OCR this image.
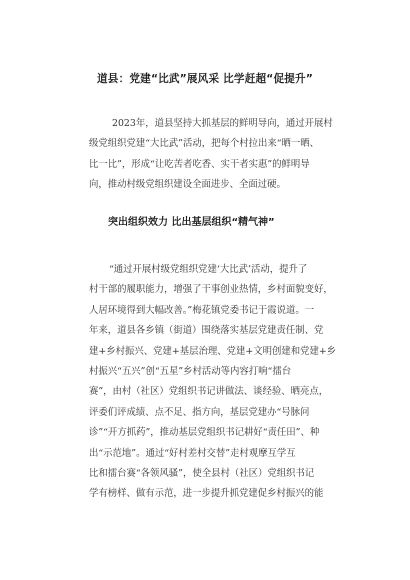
道县：党建“比武”展风采 比学赶超“促提升”
2023年，道县坚持大抓基层的鲜明导向，通过开展村
级党组织党建“大比武”活动，把每个村拉出来“晒一晒、
比一比”，形成“让吃苦者吃香、实干者实惠”的鲜明导
向，推动村级党组织建设全面进步、全面过硬。
突出组织效力 比出基层组织“精气神”
“通过开展村级党组织党建‘大比武’活动，提升了
村干部的履职能力，增强了干事创业热情，乡村面貌变好，
人居环境得到大幅改善。”梅花镇党委书记于霞说道。一
年来，道县各乡镇（街道）围绕落实基层党建责任制、党
建+乡村振兴、党建+基层治理、党建+文明创建和党建+乡
村振兴“五兴”创“五星”乡村活动等内容打响“擂台
赛”，由村（社区）党组织书记讲做法、谈经验、晒亮点，
评委们评成绩、点不足、指方向，基层党建办“号脉问
诊”“开方抓药”，推动基层党组织书记耕好“责任田”、种
出“示范地”。通过“好村差村交替”走村观摩互学互
比和擂台赛“各领风骚”，使全县村（社区）党组织书记
学有榜样、做有示范，进一步提升抓党建促乡村振兴的能
